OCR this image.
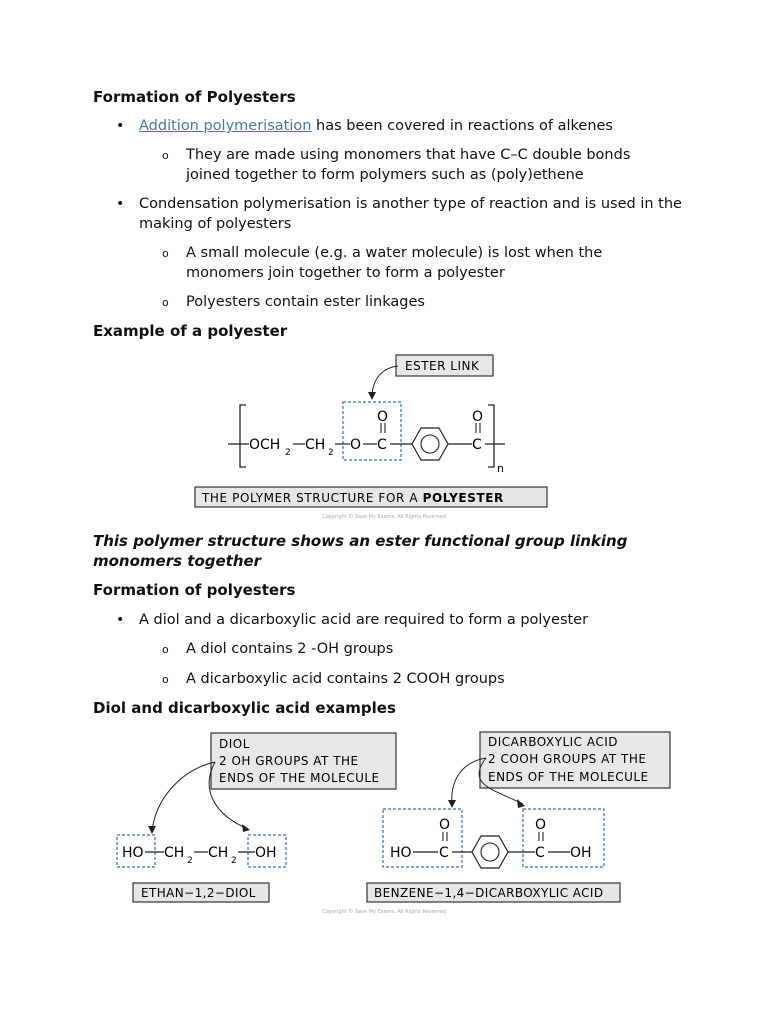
Formation of Polyesters
• Addition polymerisation has been covered in reactions of alkenes
o They are made using monomers that have C–C double bonds joined together to form polymers such as (poly)ethene
• Condensation polymerisation is another type of reaction and is used in the making of polyesters
o A small molecule (e.g. a water molecule) is lost when the monomers join together to form a polyester
o Polyesters contain ester linkages
Example of a polyester
ESTER LINK
OCH 2 CH 2 O C
O
C
O
n
THE POLYMER STRUCTURE FOR A POLYESTER
Copyright © Save My Exams. All Rights Reserved
This polymer structure shows an ester functional group linking monomers together
Formation of polyesters
• A diol and a dicarboxylic acid are required to form a polyester
o A diol contains 2 -OH groups
o A dicarboxylic acid contains 2 COOH groups
Diol and dicarboxylic acid examples
DIOL
2 OH GROUPS AT THE
ENDS OF THE MOLECULE
HO CH 2 CH 2 OH
ETHAN−1,2−DIOL
DICARBOXYLIC ACID
2 COOH GROUPS AT THE
ENDS OF THE MOLECULE
HO C
O
C
O
OH
BENZENE−1,4−DICARBOXYLIC ACID
Copyright © Save My Exams. All Rights Reserved
